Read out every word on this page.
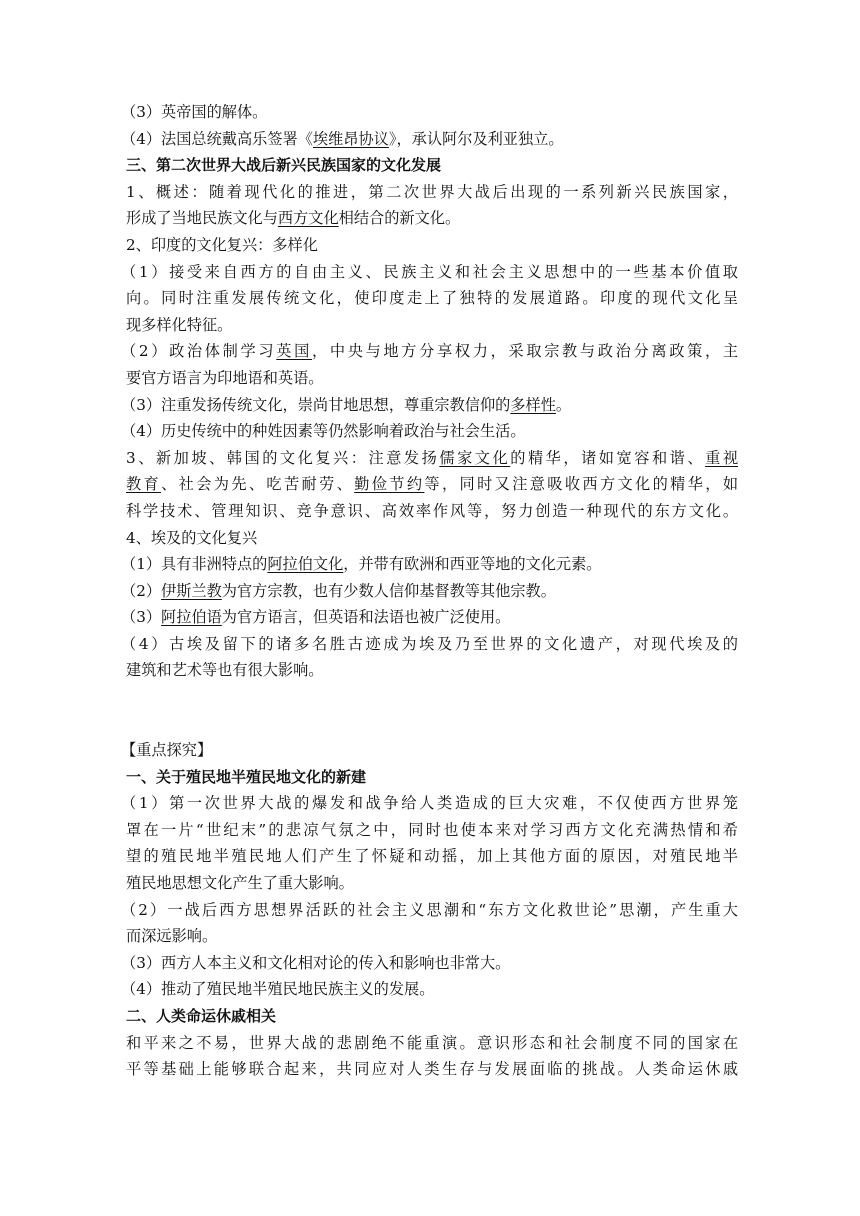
（3）英帝国的解体。
（4）法国总统戴高乐签署《埃维昂协议》，承认阿尔及利亚独立。
三、第二次世界大战后新兴民族国家的文化发展
1、概述：随着现代化的推进，第二次世界大战后出现的一系列新兴民族国家，
形成了当地民族文化与西方文化相结合的新文化。
2、印度的文化复兴：多样化
（1）接受来自西方的自由主义、民族主义和社会主义思想中的一些基本价值取
向。同时注重发展传统文化，使印度走上了独特的发展道路。印度的现代文化呈
现多样化特征。
（2）政治体制学习英国，中央与地方分享权力，采取宗教与政治分离政策，主
要官方语言为印地语和英语。
（3）注重发扬传统文化，崇尚甘地思想，尊重宗教信仰的多样性。
（4）历史传统中的种姓因素等仍然影响着政治与社会生活。
3、新加坡、韩国的文化复兴：注意发扬儒家文化的精华，诸如宽容和谐、重视
教育、社会为先、吃苦耐劳、勤俭节约等，同时又注意吸收西方文化的精华，如
科学技术、管理知识、竞争意识、高效率作风等，努力创造一种现代的东方文化。
4、埃及的文化复兴
（1）具有非洲特点的阿拉伯文化，并带有欧洲和西亚等地的文化元素。
（2）伊斯兰教为官方宗教，也有少数人信仰基督教等其他宗教。
（3）阿拉伯语为官方语言，但英语和法语也被广泛使用。
（4）古埃及留下的诸多名胜古迹成为埃及乃至世界的文化遗产，对现代埃及的
建筑和艺术等也有很大影响。
【重点探究】
一、关于殖民地半殖民地文化的新建
（1）第一次世界大战的爆发和战争给人类造成的巨大灾难，不仅使西方世界笼
罩在一片“世纪末”的悲凉气氛之中，同时也使本来对学习西方文化充满热情和希
望的殖民地半殖民地人们产生了怀疑和动摇，加上其他方面的原因，对殖民地半
殖民地思想文化产生了重大影响。
（2）一战后西方思想界活跃的社会主义思潮和“东方文化救世论”思潮，产生重大
而深远影响。
（3）西方人本主义和文化相对论的传入和影响也非常大。
（4）推动了殖民地半殖民地民族主义的发展。
二、人类命运休戚相关
和平来之不易，世界大战的悲剧绝不能重演。意识形态和社会制度不同的国家在
平等基础上能够联合起来，共同应对人类生存与发展面临的挑战。人类命运休戚
